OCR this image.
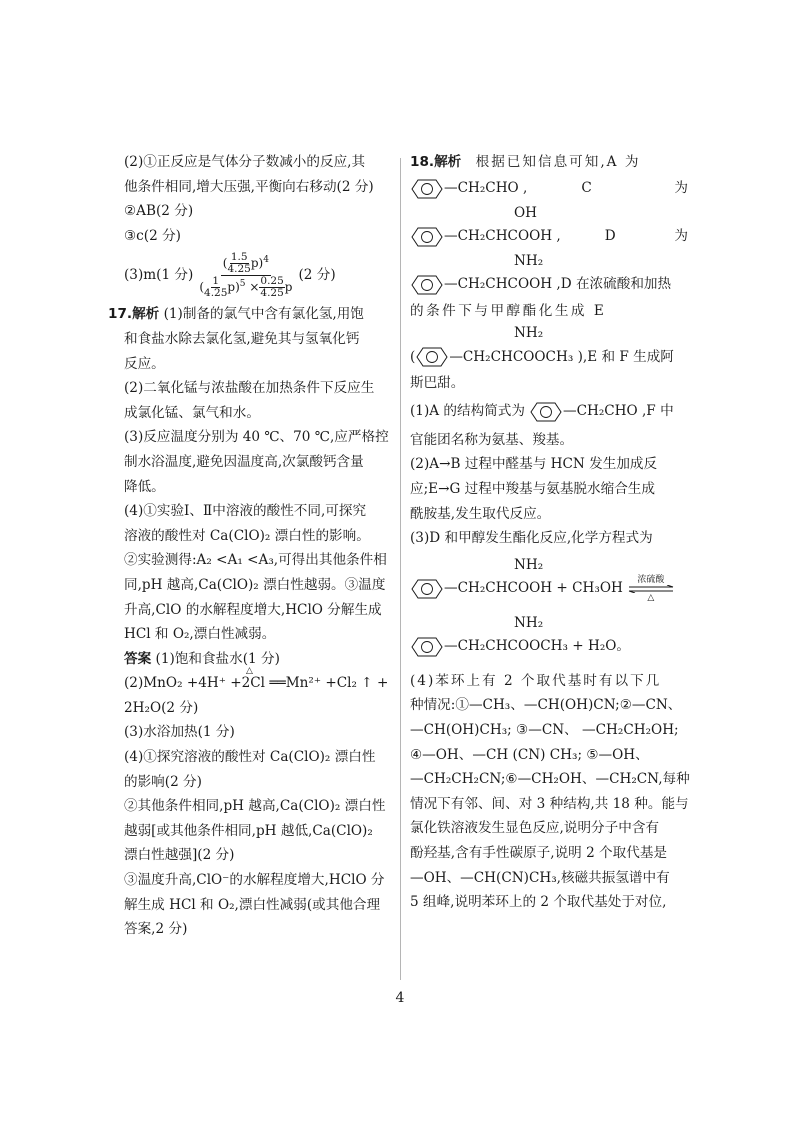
(2)①正反应是气体分子数减小的反应,其
他条件相同,增大压强,平衡向右移动(2 分)
②AB(2 分)
③c(2 分)
(3)m(1 分) $\frac{( \frac{1.5}{4.25} p)^4}{( \frac{1}{4.25} p)^5 \times \frac{0.25}{4.25} p} (2$ 分)
17.解析 (1)制备的氯气中含有氯化氢,用饱
和食盐水除去氯化氢,避免其与氢氧化钙
反应。
(2)二氧化锰与浓盐酸在加热条件下反应生
成氯化锰、氯气和水。
(3)反应温度分别为 40 ℃、70 ℃,应严格控
制水浴温度,避免因温度高,次氯酸钙含量
降低。
(4)①实验Ⅰ、Ⅱ中溶液的酸性不同,可探究
溶液的酸性对 Ca(ClO)₂ 漂白性的影响。
②实验测得:A₂ <A₁ <A₃,可得出其他条件相
同,pH 越高,Ca(ClO)₂ 漂白性越弱。③温度
升高,ClO 的水解程度增大,HClO 分解生成
HCl 和 O₂,漂白性减弱。
答案 (1)饱和食盐水(1 分)
△
(2)MnO₂ +4H⁺ +2Cl ══Mn²⁺ +Cl₂ ↑ +
2H₂O(2 分)
(3)水浴加热(1 分)
(4)①探究溶液的酸性对 Ca(ClO)₂ 漂白性
的影响(2 分)
②其他条件相同,pH 越高,Ca(ClO)₂ 漂白性
越弱[或其他条件相同,pH 越低,Ca(ClO)₂
漂白性越强](2 分)
③温度升高,ClO⁻的水解程度增大,HClO 分
解生成 HCl 和 O₂,漂白性减弱(或其他合理
答案,2 分)
18.解析 根据已知信息可知,A 为
—CH₂CHO ,	C	为
OH
—CH₂CHCOOH ,	D	为
NH₂
—CH₂CHCOOH ,D 在浓硫酸和加热
的条件下与甲醇酯化生成 E
NH₂
(	—CH₂CHCOOCH₃ ),E 和 F 生成阿
斯巴甜。
(1)A 的结构简式为	—CH₂CHO ,F 中
官能团名称为氨基、羧基。
(2)A→B 过程中醛基与 HCN 发生加成反
应;E→G 过程中羧基与氨基脱水缩合生成
酰胺基,发生取代反应。
(3)D 和甲醇发生酯化反应,化学方程式为
NH₂
—CH₂CHCOOH + CH₃OH
浓硫酸
△
NH₂
—CH₂CHCOOCH₃ + H₂O。
(4)苯环上有 2 个取代基时有以下几
种情况:①—CH₃、—CH(OH)CN;②—CN、
—CH(OH)CH₃; ③—CN、 —CH₂CH₂OH;
④—OH、—CH (CN) CH₃; ⑤—OH、
—CH₂CH₂CN;⑥—CH₂OH、—CH₂CN,每种
情况下有邻、间、对 3 种结构,共 18 种。能与
氯化铁溶液发生显色反应,说明分子中含有
酚羟基,含有手性碳原子,说明 2 个取代基是
—OH、—CH(CN)CH₃,核磁共振氢谱中有
5 组峰,说明苯环上的 2 个取代基处于对位,
4
